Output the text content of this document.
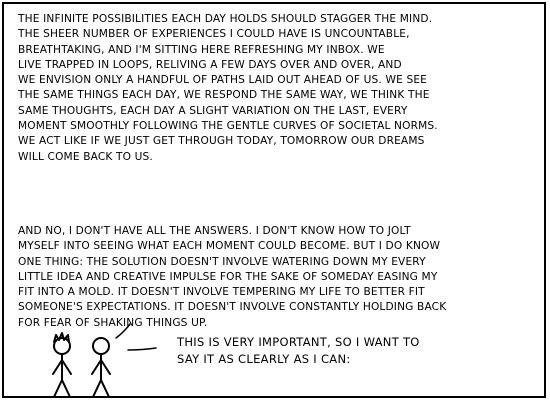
THE INFINITE POSSIBILITIES EACH DAY HOLDS SHOULD STAGGER THE MIND.
THE SHEER NUMBER OF EXPERIENCES I COULD HAVE IS UNCOUNTABLE,
BREATHTAKING, AND I'M SITTING HERE REFRESHING MY INBOX. WE
LIVE TRAPPED IN LOOPS, RELIVING A FEW DAYS OVER AND OVER, AND
WE ENVISION ONLY A HANDFUL OF PATHS LAID OUT AHEAD OF US. WE SEE
THE SAME THINGS EACH DAY, WE RESPOND THE SAME WAY, WE THINK THE
SAME THOUGHTS, EACH DAY A SLIGHT VARIATION ON THE LAST, EVERY
MOMENT SMOOTHLY FOLLOWING THE GENTLE CURVES OF SOCIETAL NORMS.
WE ACT LIKE IF WE JUST GET THROUGH TODAY, TOMORROW OUR DREAMS
WILL COME BACK TO US.
AND NO, I DON'T HAVE ALL THE ANSWERS. I DON'T KNOW HOW TO JOLT
MYSELF INTO SEEING WHAT EACH MOMENT COULD BECOME. BUT I DO KNOW
ONE THING: THE SOLUTION DOESN'T INVOLVE WATERING DOWN MY EVERY
LITTLE IDEA AND CREATIVE IMPULSE FOR THE SAKE OF SOMEDAY EASING MY
FIT INTO A MOLD. IT DOESN'T INVOLVE TEMPERING MY LIFE TO BETTER FIT
SOMEONE'S EXPECTATIONS. IT DOESN'T INVOLVE CONSTANTLY HOLDING BACK
FOR FEAR OF SHAKING THINGS UP.
THIS IS VERY IMPORTANT, SO I WANT TO
SAY IT AS CLEARLY AS I CAN:
